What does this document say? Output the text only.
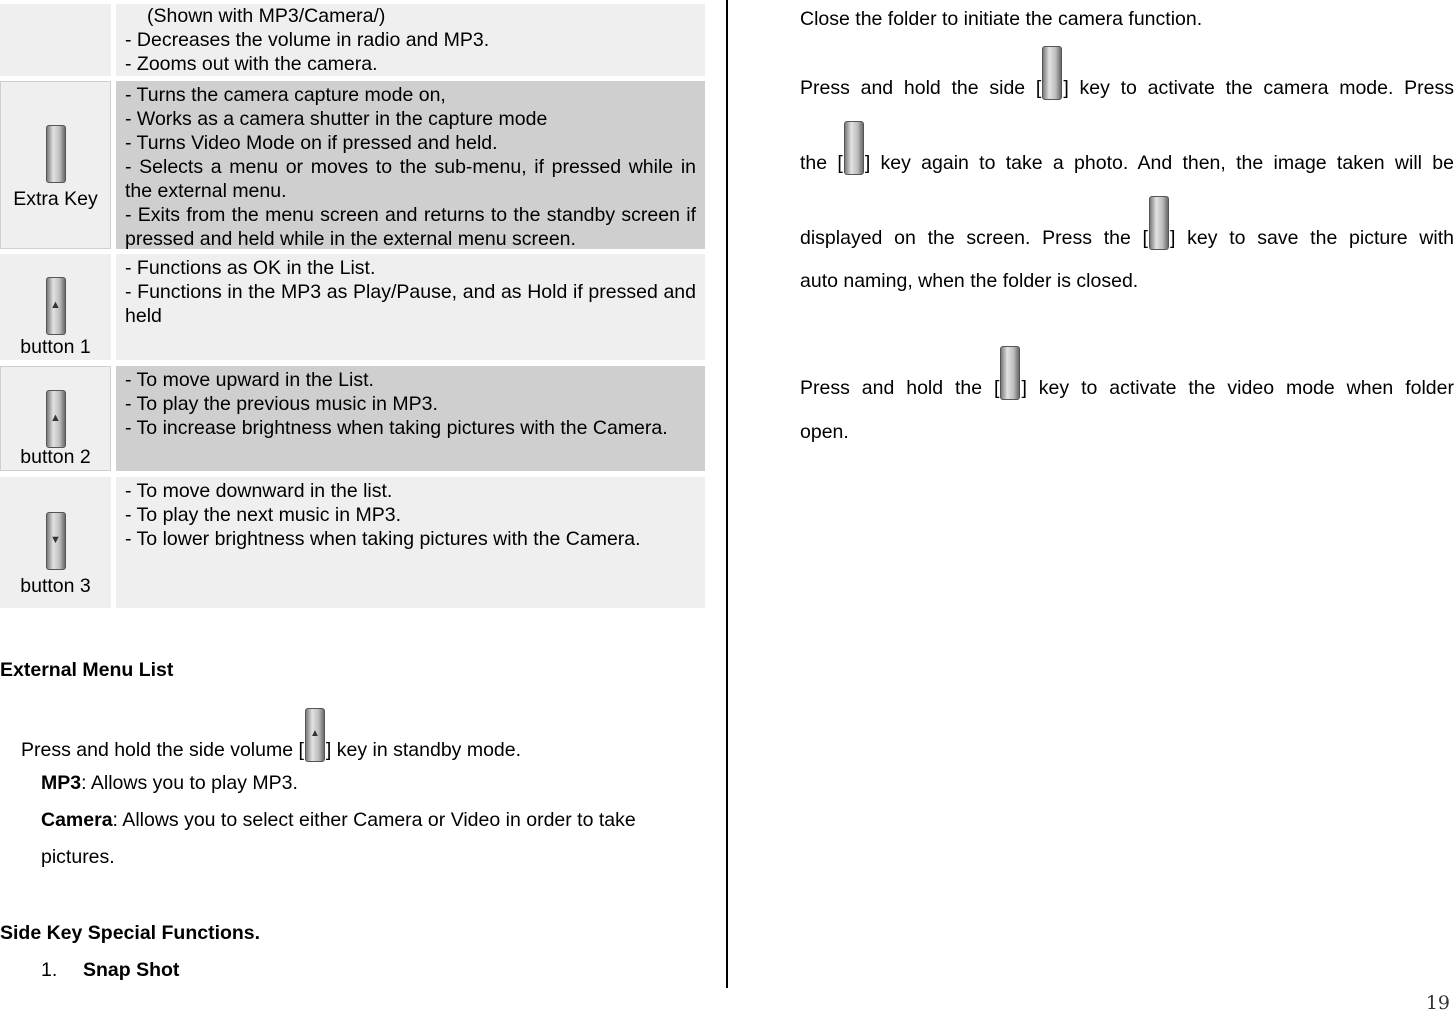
(Shown with MP3/Camera/)
- Decreases the volume in radio and MP3.
- Zooms out with the camera.
Extra Key
- Turns the camera capture mode on,
- Works as a camera shutter in the capture mode
- Turns Video Mode on if pressed and held.
- Selects a menu or moves to the sub-menu, if pressed while in the external menu.
- Exits from the menu screen and returns to the standby screen if pressed and held while in the external menu screen.
▲
button 1
- Functions as OK in the List.
- Functions in the MP3 as Play/Pause, and as Hold if pressed and held
▲
button 2
- To move upward in the List.
- To play the previous music in MP3.
- To increase brightness when taking pictures with the Camera.
▼
button 3
- To move downward in the list.
- To play the next music in MP3.
- To lower brightness when taking pictures with the Camera.
External Menu List
Press and hold the side volume [
▲
] key in standby mode.
MP3: Allows you to play MP3.
Camera: Allows you to select either Camera or Video in order to take
pictures.
Side Key Special Functions.
1. Snap Shot
Close the folder to initiate the camera function.
Press and hold the side [ ] key to activate the camera mode. Press
the [ ] key again to take a photo. And then, the image taken will be
displayed on the screen. Press the [ ] key to save the picture with
auto naming, when the folder is closed.
Press and hold the [ ] key to activate the video mode when folder
open.
19
